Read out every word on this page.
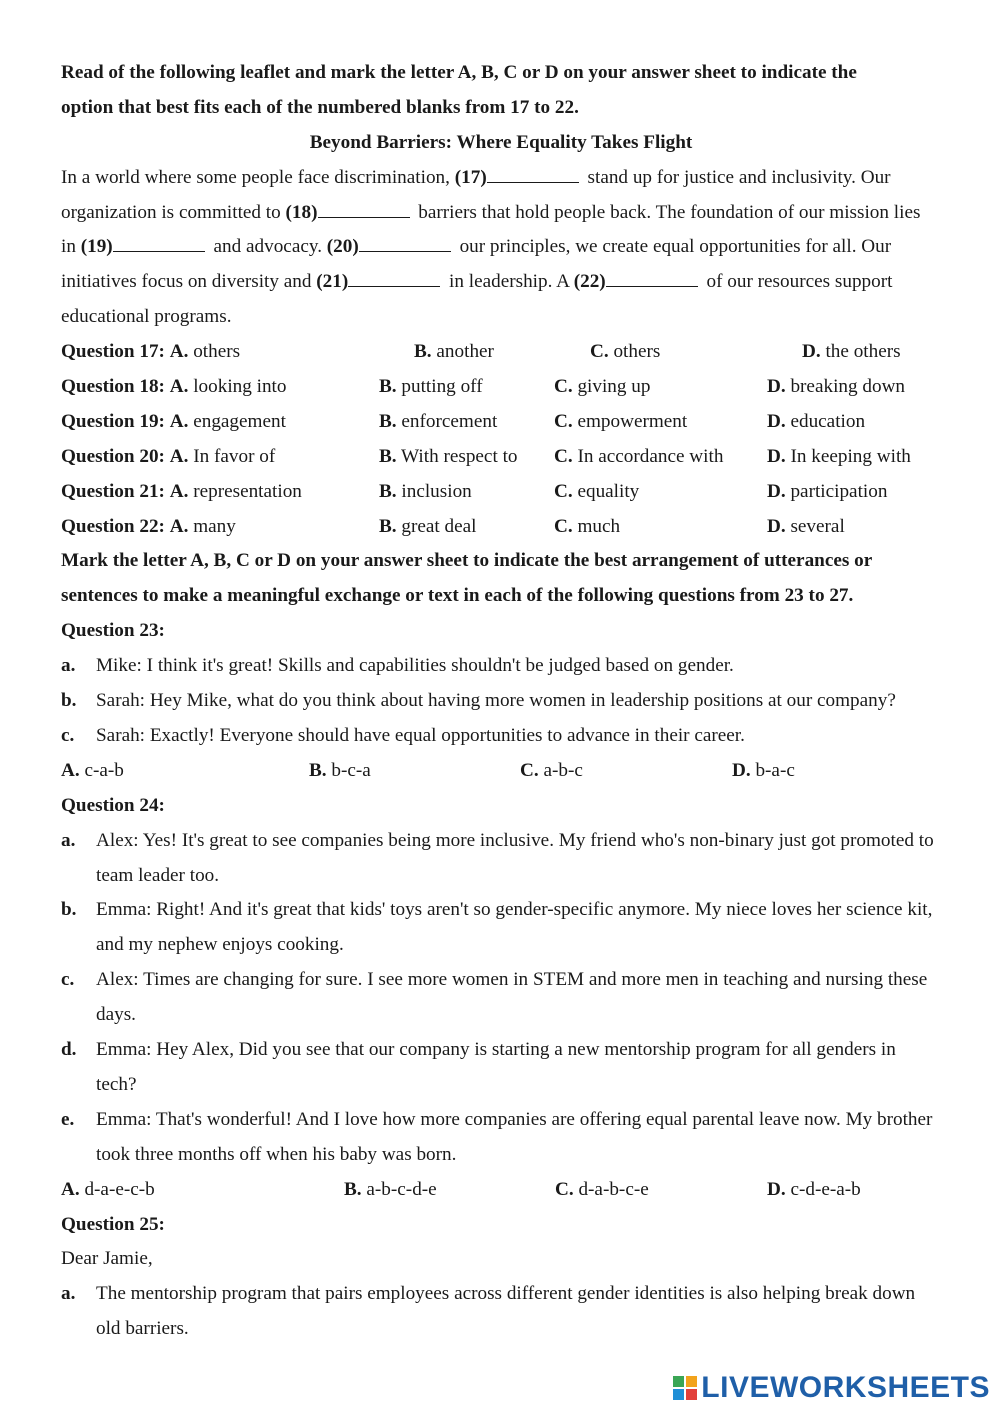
Read of the following leaflet and mark the letter A, B, C or D on your answer sheet to indicate the
option that best fits each of the numbered blanks from 17 to 22.
Beyond Barriers: Where Equality Takes Flight
In a world where some people face discrimination, (17)	stand up for justice and inclusivity. Our
organization is committed to (18)	barriers that hold people back. The foundation of our mission lies
in (19)	and advocacy. (20)	our principles, we create equal opportunities for all. Our
initiatives focus on diversity and (21)	in leadership. A (22)	of our resources support
educational programs.
Question 17: A. others	B. another	C. others	D. the others
Question 18: A. looking into	B. putting off	C. giving up	D. breaking down
Question 19: A. engagement	B. enforcement	C. empowerment	D. education
Question 20: A. In favor of	B. With respect to C. In accordance with D. In keeping with
Question 21: A. representation	B. inclusion	C. equality	D. participation
Question 22: A. many	B. great deal	C. much	D. several
Mark the letter A, B, C or D on your answer sheet to indicate the best arrangement of utterances or
sentences to make a meaningful exchange or text in each of the following questions from 23 to 27.
Question 23:
a. Mike: I think it's great! Skills and capabilities shouldn't be judged based on gender.
b. Sarah: Hey Mike, what do you think about having more women in leadership positions at our company?
c. Sarah: Exactly! Everyone should have equal opportunities to advance in their career.
A. c-a-b	B. b-c-a	C. a-b-c	D. b-a-c
Question 24:
a. Alex: Yes! It's great to see companies being more inclusive. My friend who's non-binary just got promoted to team leader too.
b. Emma: Right! And it's great that kids' toys aren't so gender-specific anymore. My niece loves her science kit, and my nephew enjoys cooking.
c. Alex: Times are changing for sure. I see more women in STEM and more men in teaching and nursing these days.
d. Emma: Hey Alex, Did you see that our company is starting a new mentorship program for all genders in tech?
e. Emma: That's wonderful! And I love how more companies are offering equal parental leave now. My brother took three months off when his baby was born.
A. d-a-e-c-b	B. a-b-c-d-e	C. d-a-b-c-e	D. c-d-e-a-b
Question 25:
Dear Jamie,
a. The mentorship program that pairs employees across different gender identities is also helping break down old barriers.
LIVEWORKSHEETS
